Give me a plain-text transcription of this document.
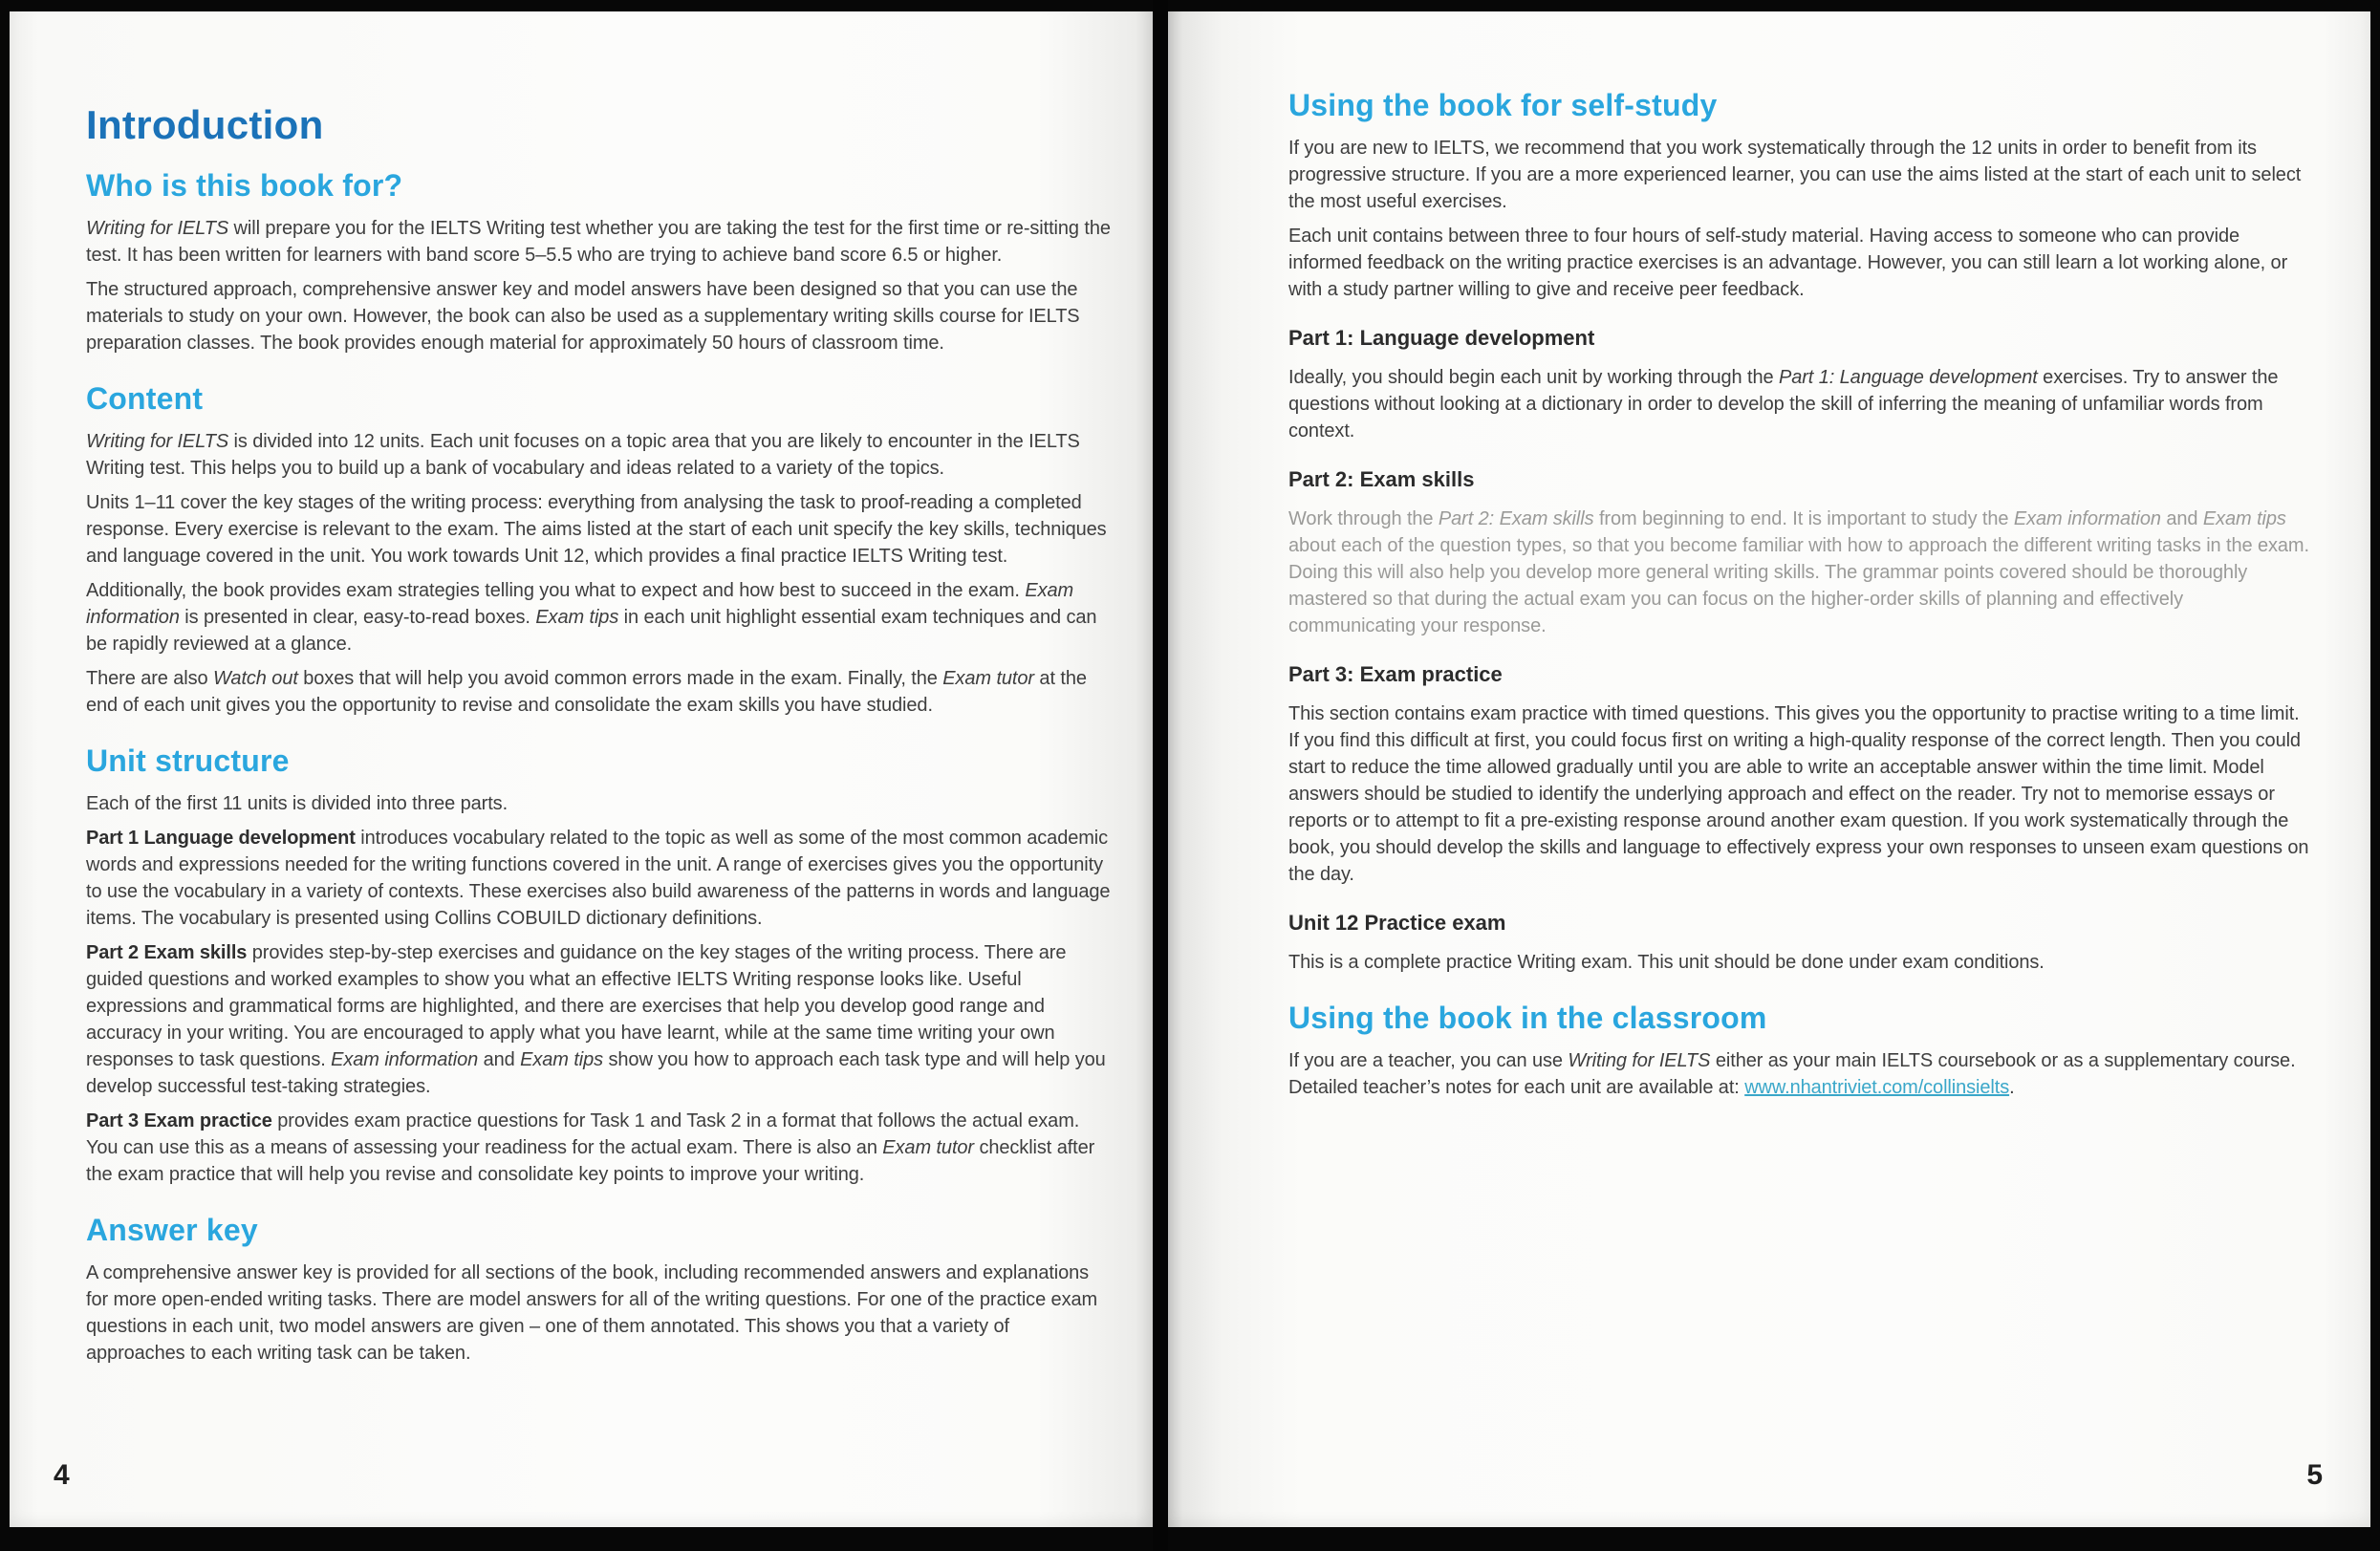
Introduction
Who is this book for?

Writing for IELTS will prepare you for the IELTS Writing test whether you are taking the test for the first time or re-sitting the test. It has been written for learners with band score 5–5.5 who are trying to achieve band score 6.5 or higher.

The structured approach, comprehensive answer key and model answers have been designed so that you can use the materials to study on your own. However, the book can also be used as a supplementary writing skills course for IELTS preparation classes. The book provides enough material for approximately 50 hours of classroom time.

Content

Writing for IELTS is divided into 12 units. Each unit focuses on a topic area that you are likely to encounter in the IELTS Writing test. This helps you to build up a bank of vocabulary and ideas related to a variety of the topics.

Units 1–11 cover the key stages of the writing process: everything from analysing the task to proof-reading a completed response. Every exercise is relevant to the exam. The aims listed at the start of each unit specify the key skills, techniques and language covered in the unit. You work towards Unit 12, which provides a final practice IELTS Writing test.

Additionally, the book provides exam strategies telling you what to expect and how best to succeed in the exam. Exam information is presented in clear, easy-to-read boxes. Exam tips in each unit highlight essential exam techniques and can be rapidly reviewed at a glance.

There are also Watch out boxes that will help you avoid common errors made in the exam. Finally, the Exam tutor at the end of each unit gives you the opportunity to revise and consolidate the exam skills you have studied.

Unit structure

Each of the first 11 units is divided into three parts.

Part 1 Language development introduces vocabulary related to the topic as well as some of the most common academic words and expressions needed for the writing functions covered in the unit. A range of exercises gives you the opportunity to use the vocabulary in a variety of contexts. These exercises also build awareness of the patterns in words and language items. The vocabulary is presented using Collins COBUILD dictionary definitions.

Part 2 Exam skills provides step-by-step exercises and guidance on the key stages of the writing process. There are guided questions and worked examples to show you what an effective IELTS Writing response looks like. Useful expressions and grammatical forms are highlighted, and there are exercises that help you develop good range and accuracy in your writing. You are encouraged to apply what you have learnt, while at the same time writing your own responses to task questions. Exam information and Exam tips show you how to approach each task type and will help you develop successful test-taking strategies.

Part 3 Exam practice provides exam practice questions for Task 1 and Task 2 in a format that follows the actual exam. You can use this as a means of assessing your readiness for the actual exam. There is also an Exam tutor checklist after the exam practice that will help you revise and consolidate key points to improve your writing.

Answer key

A comprehensive answer key is provided for all sections of the book, including recommended answers and explanations for more open-ended writing tasks. There are model answers for all of the writing questions. For one of the practice exam questions in each unit, two model answers are given – one of them annotated. This shows you that a variety of approaches to each writing task can be taken.

4
Using the book for self-study

If you are new to IELTS, we recommend that you work systematically through the 12 units in order to benefit from its progressive structure. If you are a more experienced learner, you can use the aims listed at the start of each unit to select the most useful exercises.

Each unit contains between three to four hours of self-study material. Having access to someone who can provide informed feedback on the writing practice exercises is an advantage. However, you can still learn a lot working alone, or with a study partner willing to give and receive peer feedback.

Part 1: Language development

Ideally, you should begin each unit by working through the Part 1: Language development exercises. Try to answer the questions without looking at a dictionary in order to develop the skill of inferring the meaning of unfamiliar words from context.

Part 2: Exam skills

Work through the Part 2: Exam skills from beginning to end. It is important to study the Exam information and Exam tips about each of the question types, so that you become familiar with how to approach the different writing tasks in the exam. Doing this will also help you develop more general writing skills. The grammar points covered should be thoroughly mastered so that during the actual exam you can focus on the higher-order skills of planning and effectively communicating your response.

Part 3: Exam practice

This section contains exam practice with timed questions. This gives you the opportunity to practise writing to a time limit. If you find this difficult at first, you could focus first on writing a high-quality response of the correct length. Then you could start to reduce the time allowed gradually until you are able to write an acceptable answer within the time limit. Model answers should be studied to identify the underlying approach and effect on the reader. Try not to memorise essays or reports or to attempt to fit a pre-existing response around another exam question. If you work systematically through the book, you should develop the skills and language to effectively express your own responses to unseen exam questions on the day.

Unit 12 Practice exam

This is a complete practice Writing exam. This unit should be done under exam conditions.

Using the book in the classroom

If you are a teacher, you can use Writing for IELTS either as your main IELTS coursebook or as a supplementary course. Detailed teacher’s notes for each unit are available at: www.nhantriviet.com/collinsielts.

5
